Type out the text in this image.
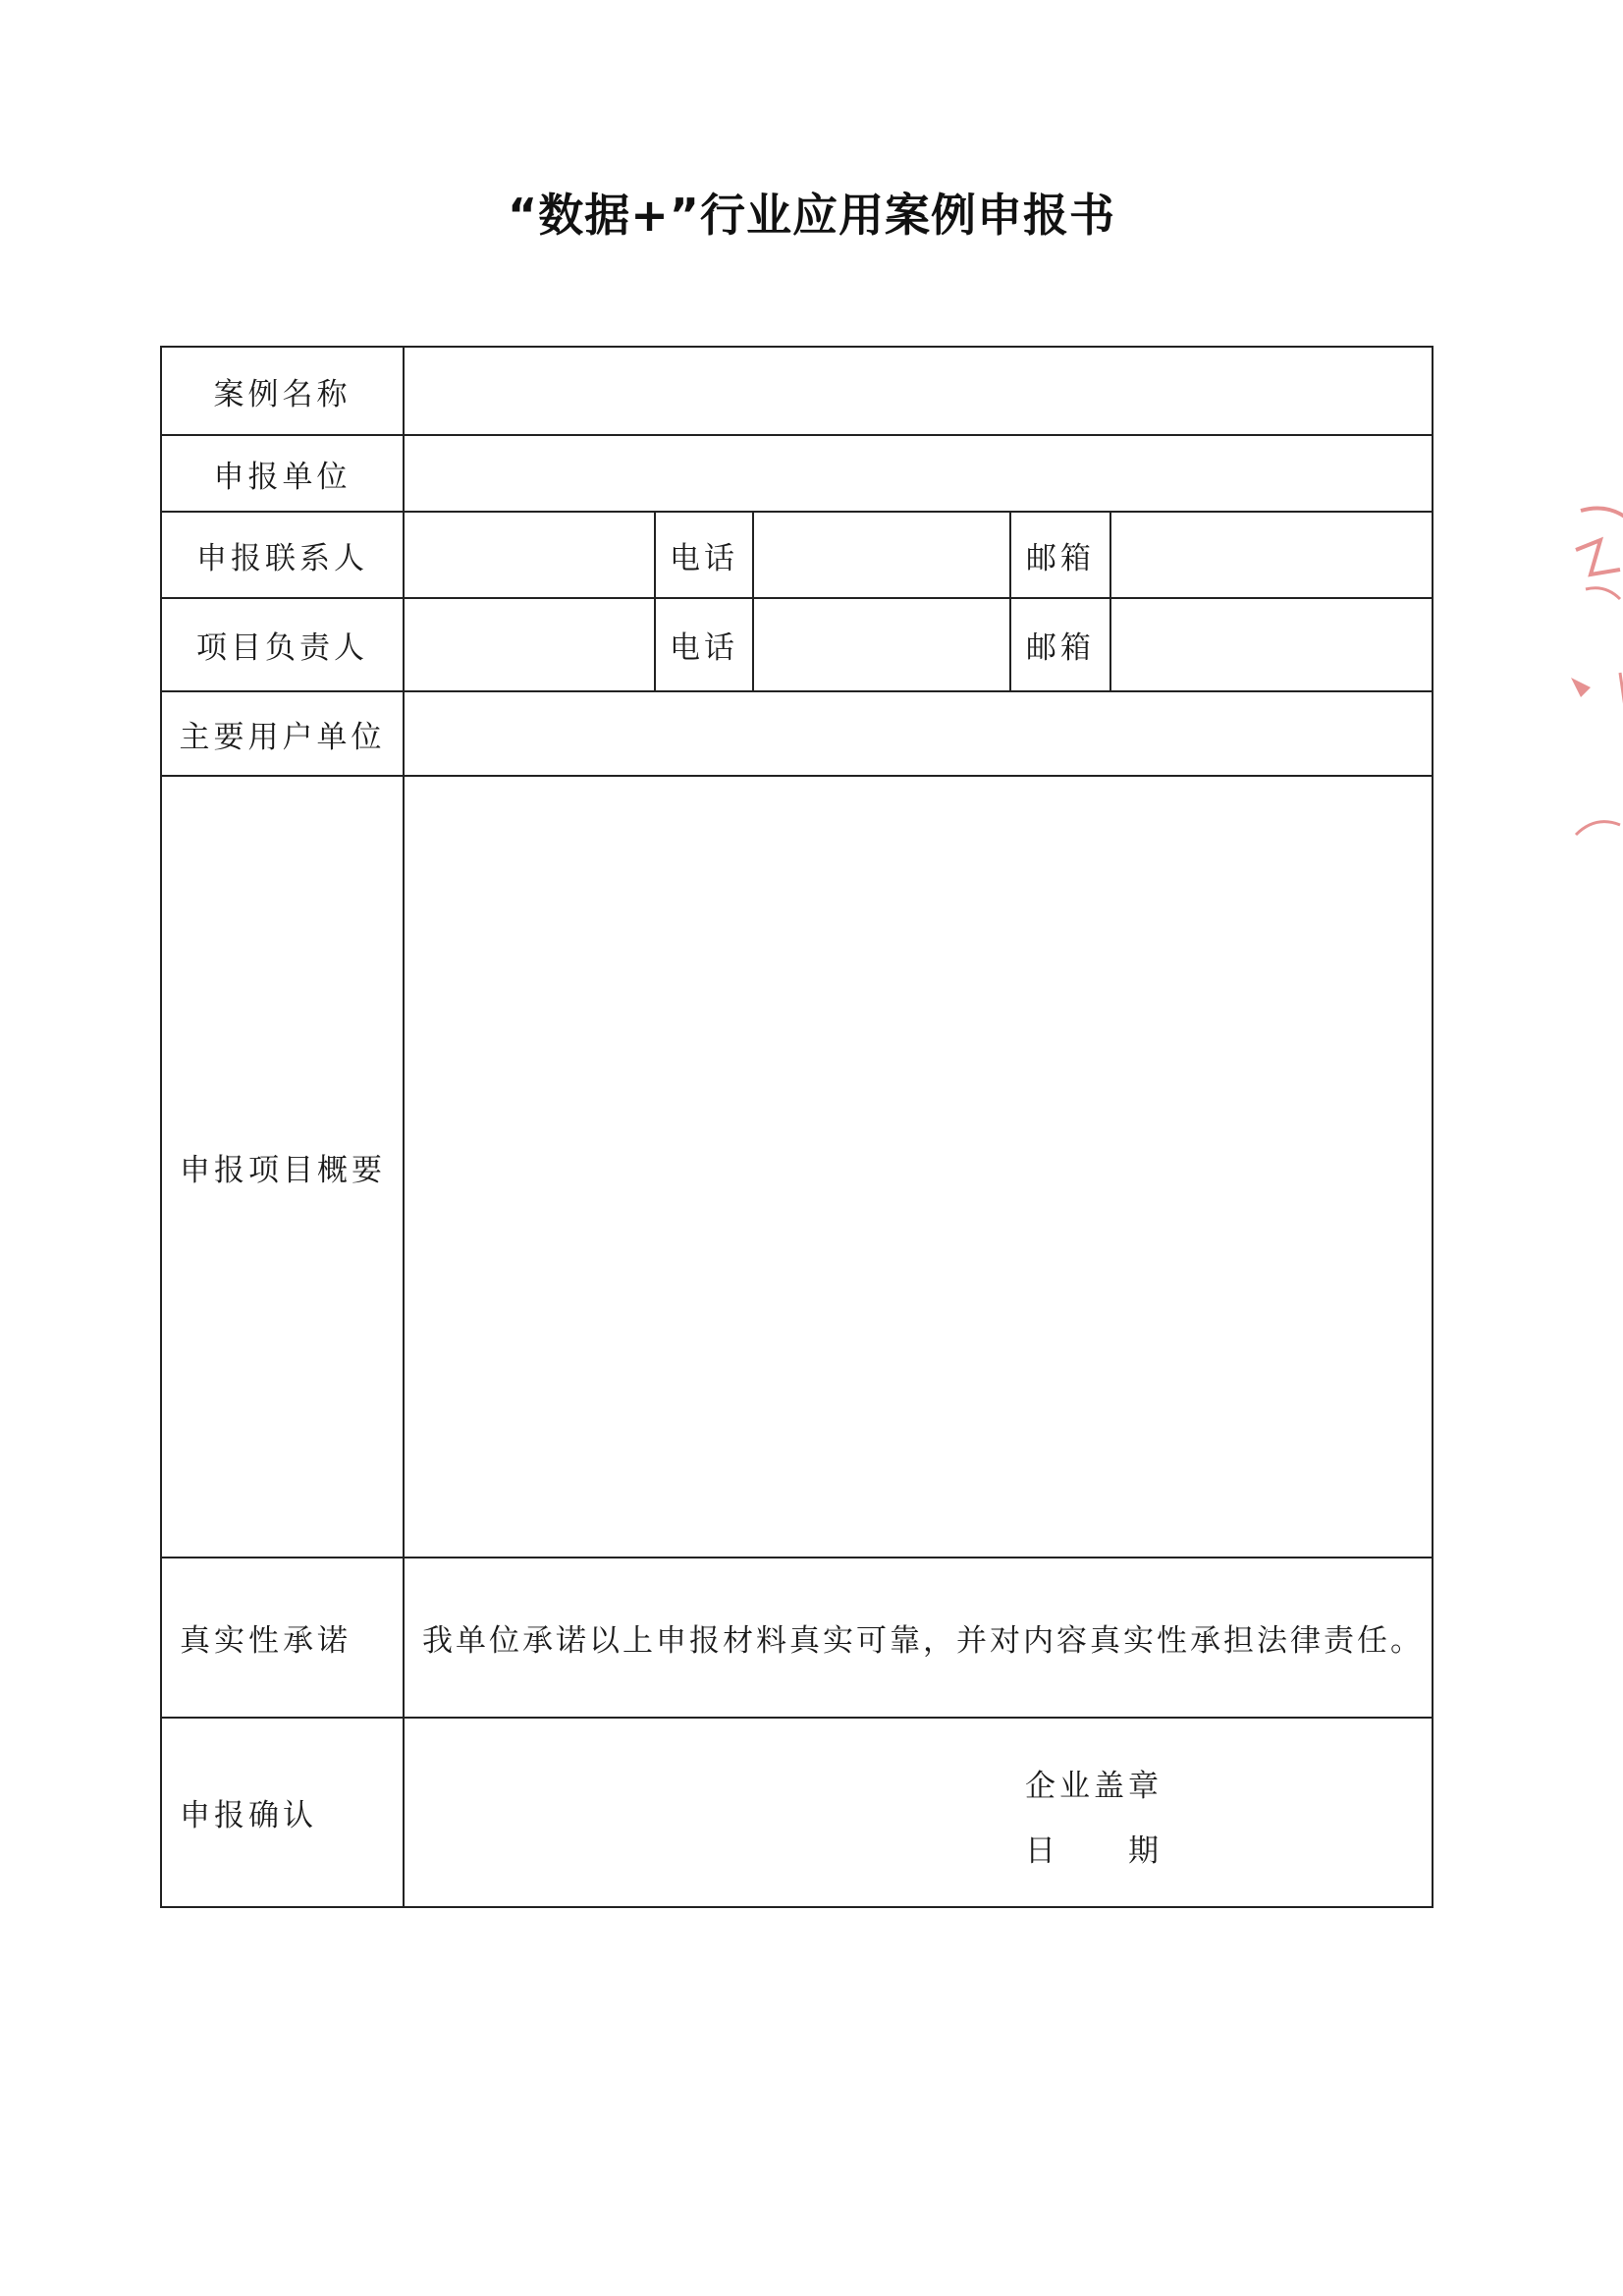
“数据+”行业应用案例申报书
案例名称					
申报单位					
申报联系人		电话		邮箱	
项目负责人		电话		邮箱	
主要用户单位					
申报项目概要					
真实性承诺	我单位承诺以上申报材料真实可靠，并对内容真实性承担法律责任。				
申报确认	企业盖章
日 期				
